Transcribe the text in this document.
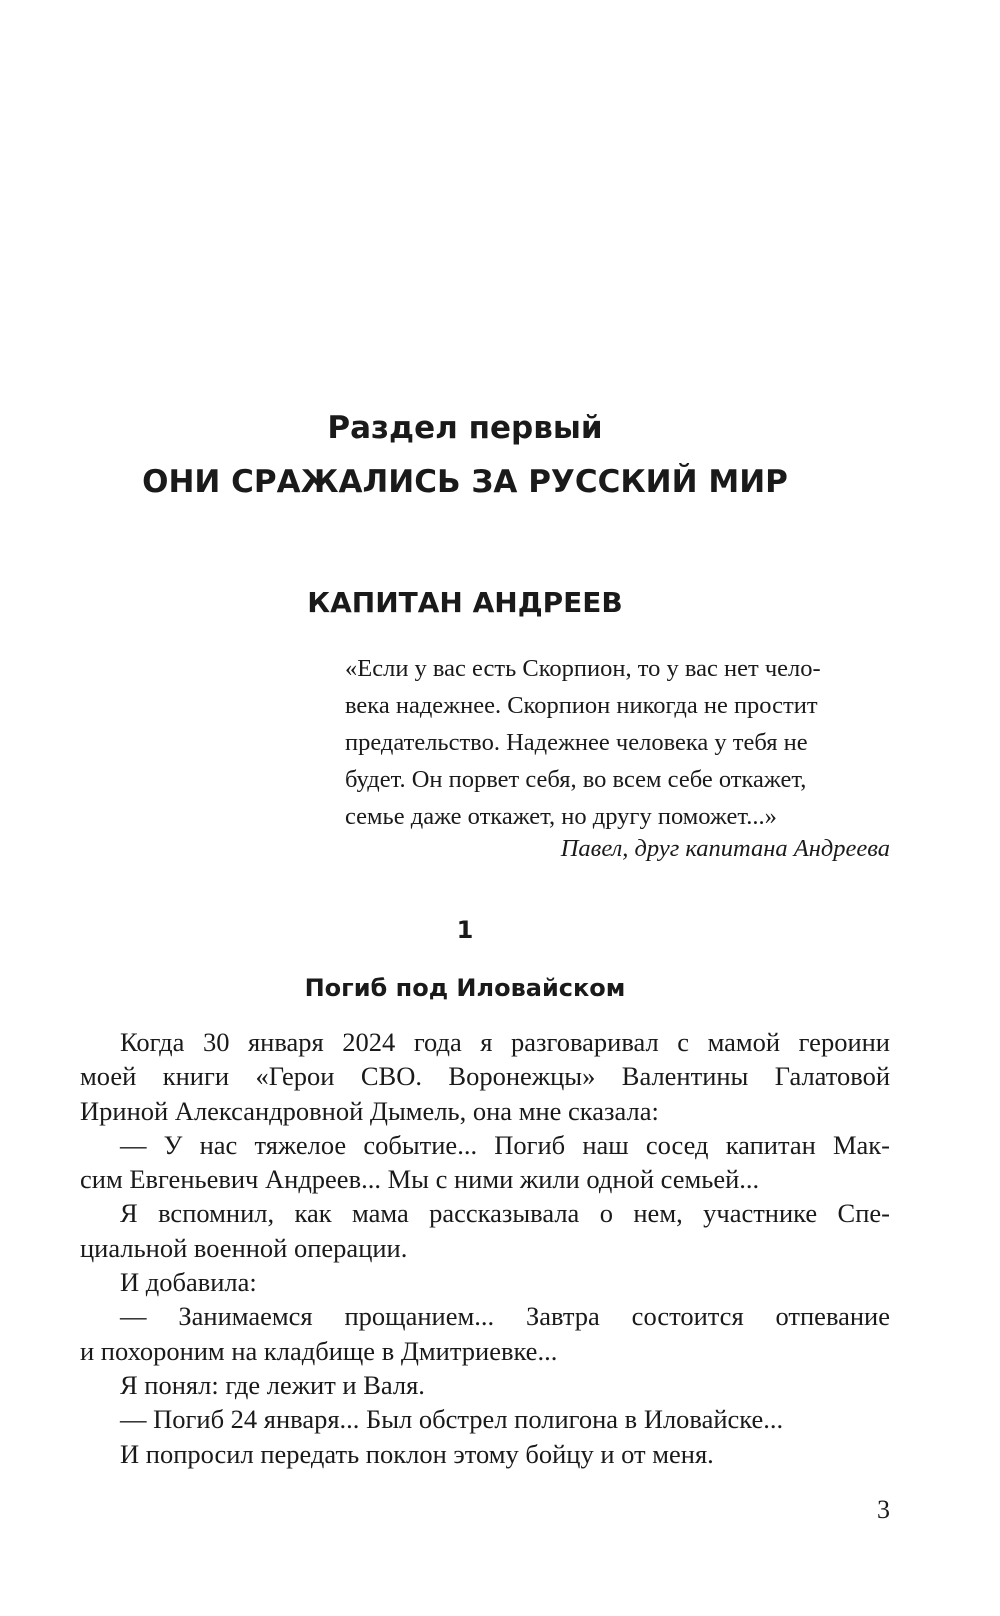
Раздел первый
ОНИ СРАЖАЛИСЬ ЗА РУССКИЙ МИР
КАПИТАН АНДРЕЕВ
«Если у вас есть Скорпион, то у вас нет чело-
века надежнее. Скорпион никогда не простит
предательство. Надежнее человека у тебя не
будет. Он порвет себя, во всем себе откажет,
семье даже откажет, но другу поможет...»
Павел, друг капитана Андреева
1
Погиб под Иловайском
Когда 30 января 2024 года я разговаривал с мамой героини
моей книги «Герои СВО. Воронежцы» Валентины Галатовой
Ириной Александровной Дымель, она мне сказала:
— У нас тяжелое событие... Погиб наш сосед капитан Мак-
сим Евгеньевич Андреев... Мы с ними жили одной семьей...
Я вспомнил, как мама рассказывала о нем, участнике Спе-
циальной военной операции.
И добавила:
— Занимаемся прощанием... Завтра состоится отпевание
и похороним на кладбище в Дмитриевке...
Я понял: где лежит и Валя.
— Погиб 24 января... Был обстрел полигона в Иловайске...
И попросил передать поклон этому бойцу и от меня.
3
